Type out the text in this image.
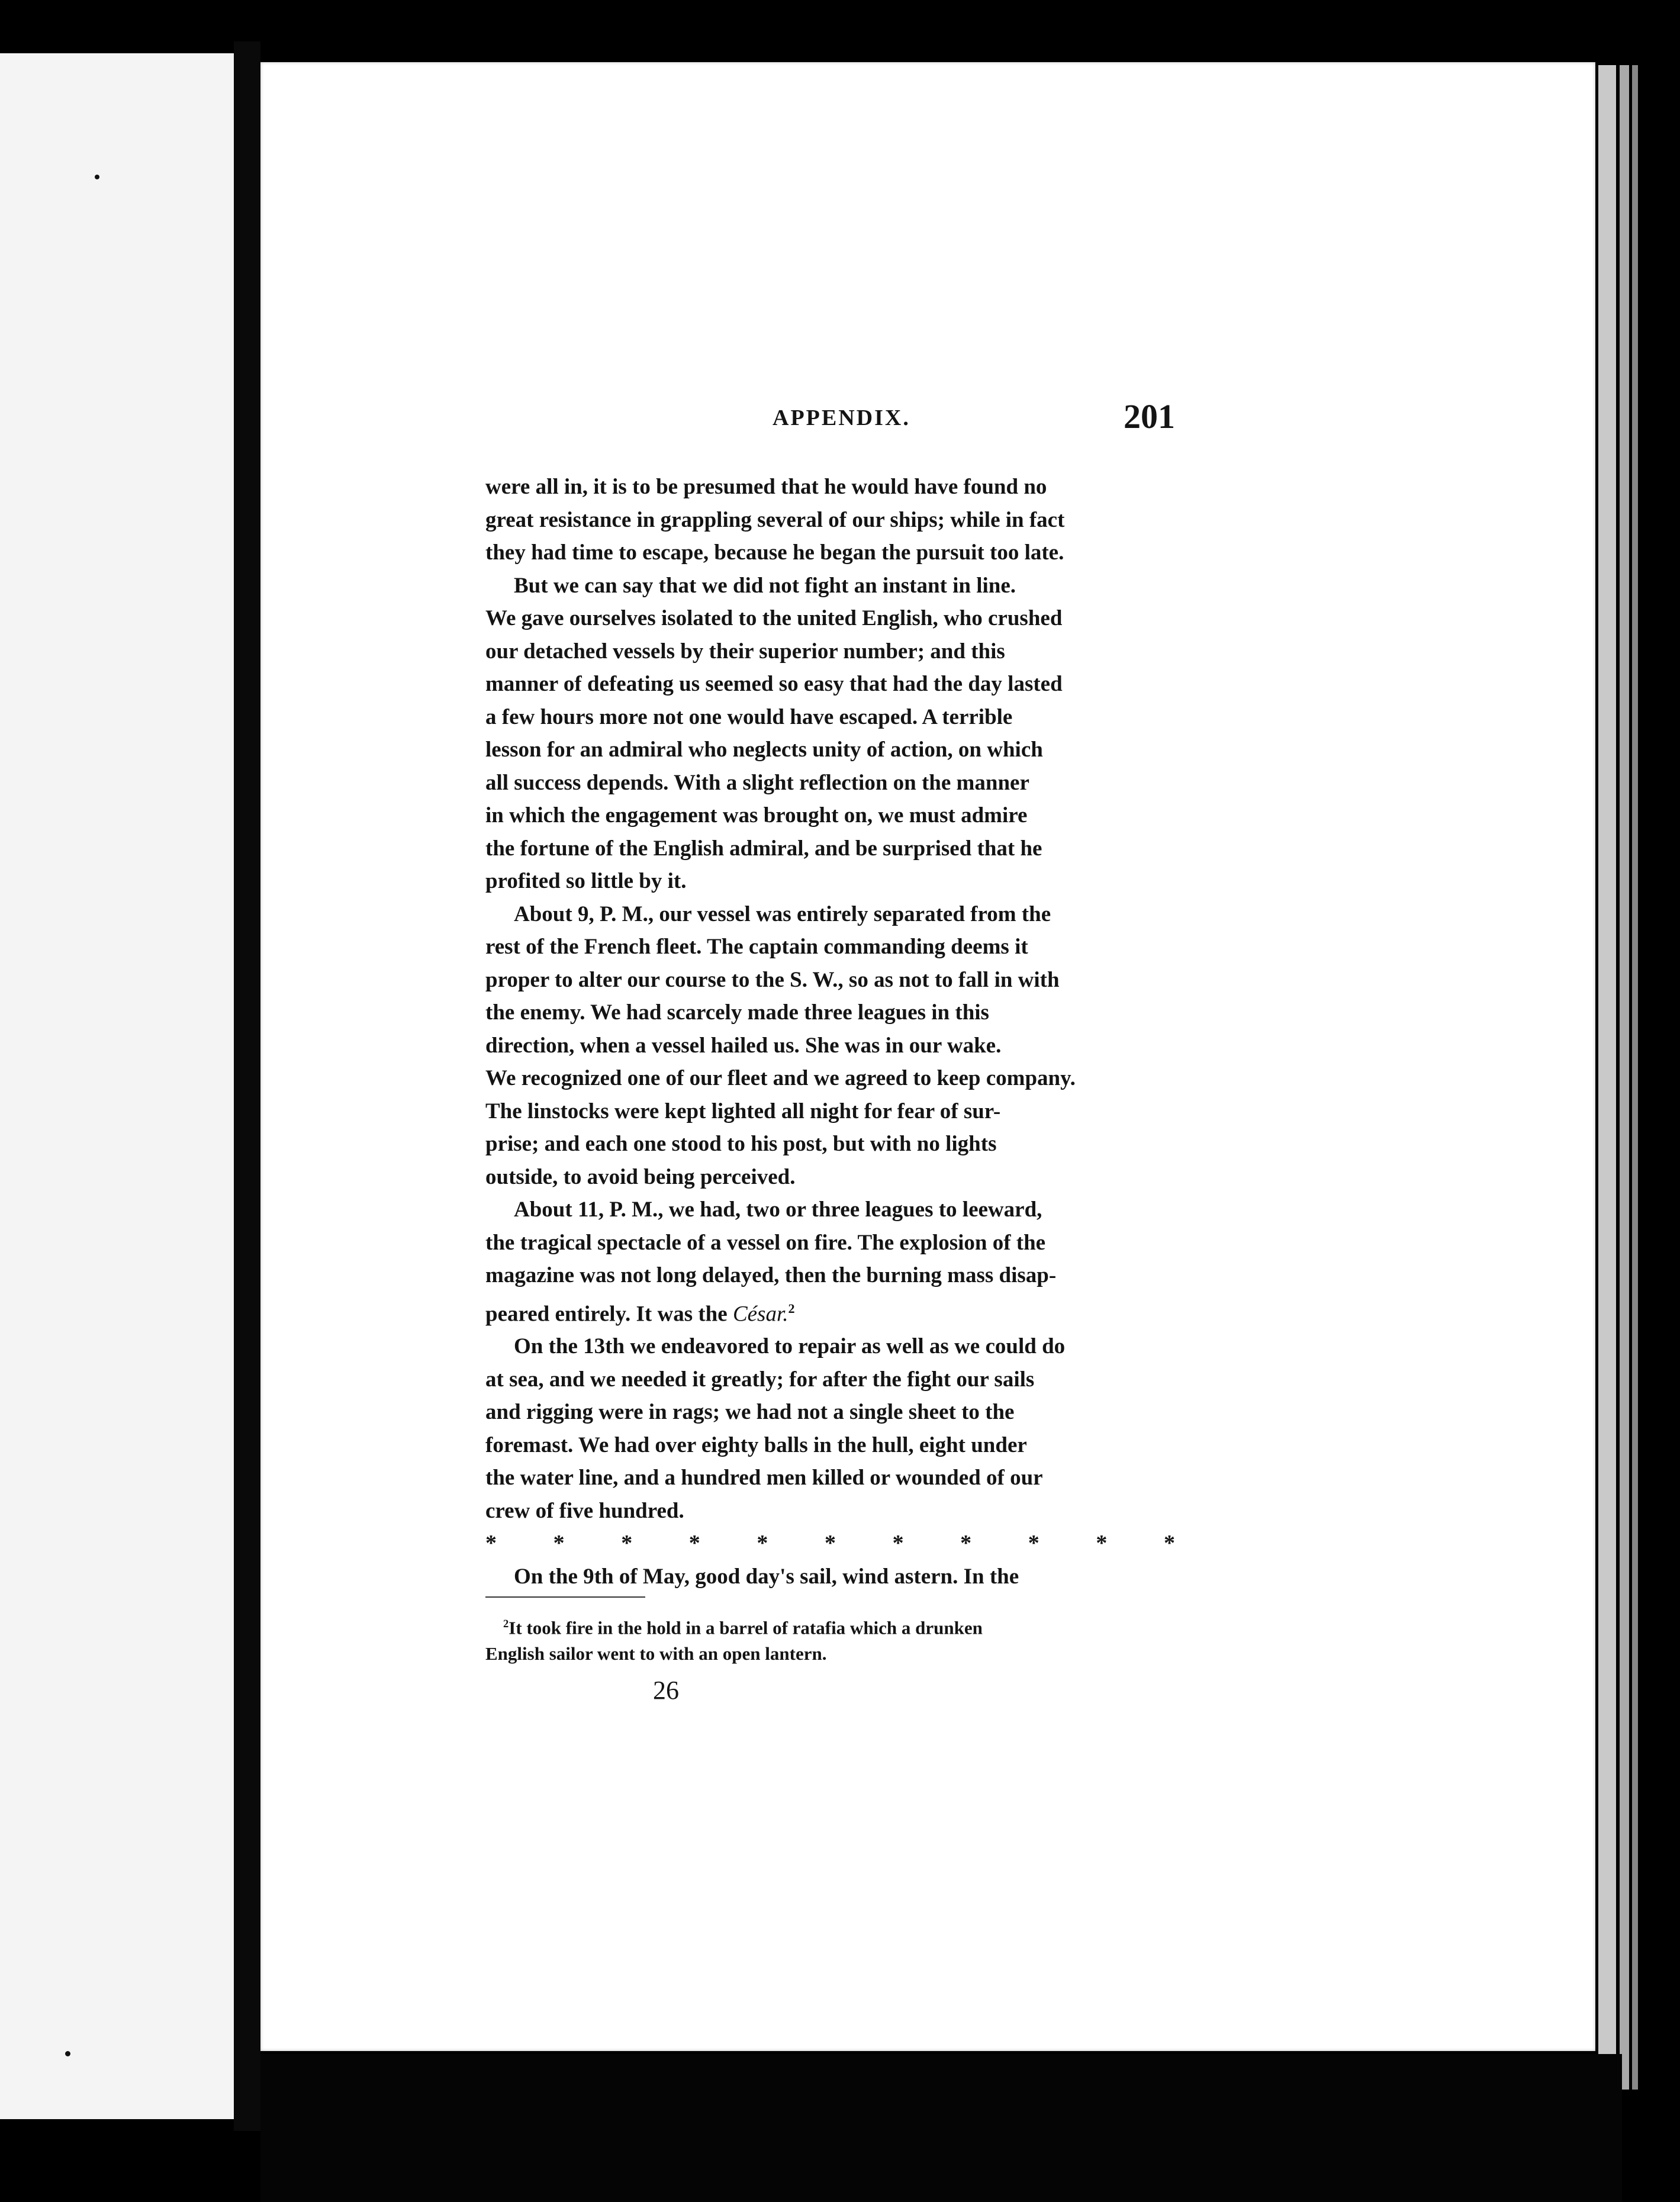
APPENDIX.	201

were all in, it is to be presumed that he would have found no

great resistance in grappling several of our ships; while in fact

they had time to escape, because he began the pursuit too late.

But we can say that we did not fight an instant in line.

We gave ourselves isolated to the united English, who crushed

our detached vessels by their superior number; and this

manner of defeating us seemed so easy that had the day lasted

a few hours more not one would have escaped. A terrible

lesson for an admiral who neglects unity of action, on which

all success depends. With a slight reflection on the manner

in which the engagement was brought on, we must admire

the fortune of the English admiral, and be surprised that he

profited so little by it.

About 9, P. M., our vessel was entirely separated from the

rest of the French fleet. The captain commanding deems it

proper to alter our course to the S. W., so as not to fall in with

the enemy. We had scarcely made three leagues in this

direction, when a vessel hailed us. She was in our wake.

We recognized one of our fleet and we agreed to keep company.

The linstocks were kept lighted all night for fear of sur-

prise; and each one stood to his post, but with no lights

outside, to avoid being perceived.

About 11, P. M., we had, two or three leagues to leeward,

the tragical spectacle of a vessel on fire. The explosion of the

magazine was not long delayed, then the burning mass disap-

peared entirely. It was the César.$^2$

On the 13th we endeavored to repair as well as we could do

at sea, and we needed it greatly; for after the fight our sails

and rigging were in rags; we had not a single sheet to the

foremast. We had over eighty balls in the hull, eight under

the water line, and a hundred men killed or wounded of our

crew of five hundred.

*	*	*	*	*	*	*	*	*	*	*

On the 9th of May, good day's sail, wind astern. In the

$^2$It took fire in the hold in a barrel of ratafia which a drunken
English sailor went to with an open lantern.
26
